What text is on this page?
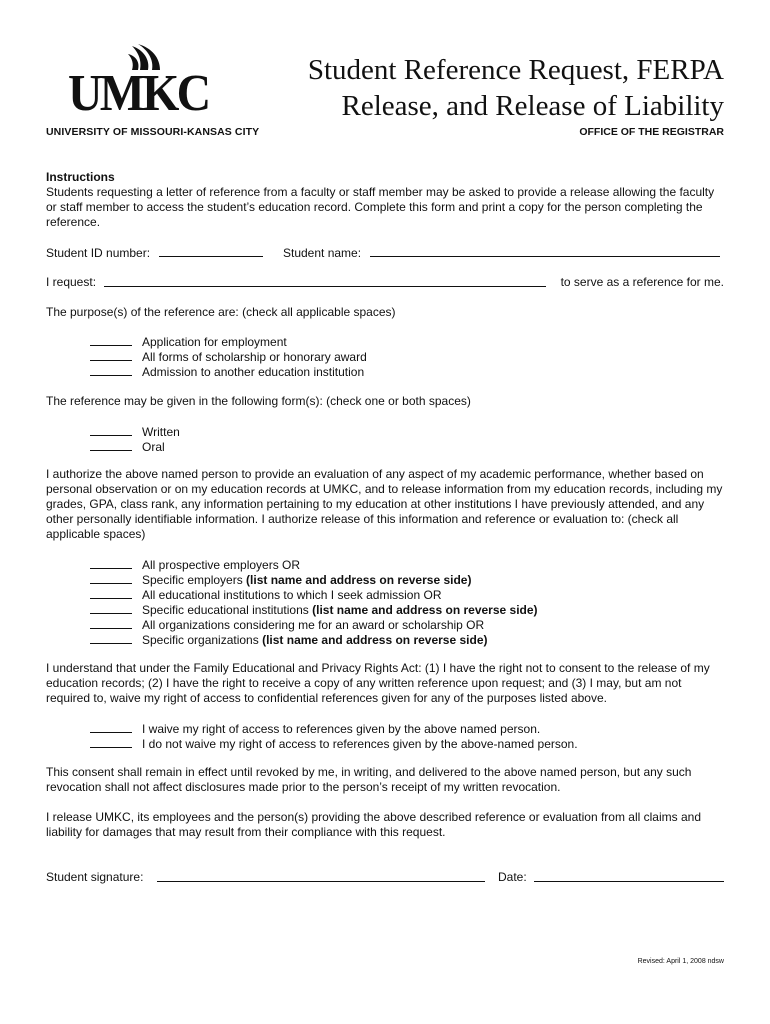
UMKC
UNIVERSITY OF MISSOURI-KANSAS CITY
Student Reference Request, FERPA
Release, and Release of Liability
OFFICE OF THE REGISTRAR
Instructions
Students requesting a letter of reference from a faculty or staff member may be asked to provide a release allowing the faculty or staff member to access the student’s education record. Complete this form and print a copy for the person completing the reference.
Student ID number:	Student name:
I request:	to serve as a reference for me.
The purpose(s) of the reference are: (check all applicable spaces)
Application for employment
All forms of scholarship or honorary award
Admission to another education institution
The reference may be given in the following form(s): (check one or both spaces)
Written
Oral
I authorize the above named person to provide an evaluation of any aspect of my academic performance, whether based on personal observation or on my education records at UMKC, and to release information from my education records, including my grades, GPA, class rank, any information pertaining to my education at other institutions I have previously attended, and any other personally identifiable information. I authorize release of this information and reference or evaluation to: (check all applicable spaces)
All prospective employers OR
Specific employers (list name and address on reverse side)
All educational institutions to which I seek admission OR
Specific educational institutions (list name and address on reverse side)
All organizations considering me for an award or scholarship OR
Specific organizations (list name and address on reverse side)
I understand that under the Family Educational and Privacy Rights Act: (1) I have the right not to consent to the release of my education records; (2) I have the right to receive a copy of any written reference upon request; and (3) I may, but am not required to, waive my right of access to confidential references given for any of the purposes listed above.
I waive my right of access to references given by the above named person.
I do not waive my right of access to references given by the above-named person.
This consent shall remain in effect until revoked by me, in writing, and delivered to the above named person, but any such revocation shall not affect disclosures made prior to the person’s receipt of my written revocation.
I release UMKC, its employees and the person(s) providing the above described reference or evaluation from all claims and liability for damages that may result from their compliance with this request.
Student signature:	Date:
Revised: April 1, 2008 ndsw
